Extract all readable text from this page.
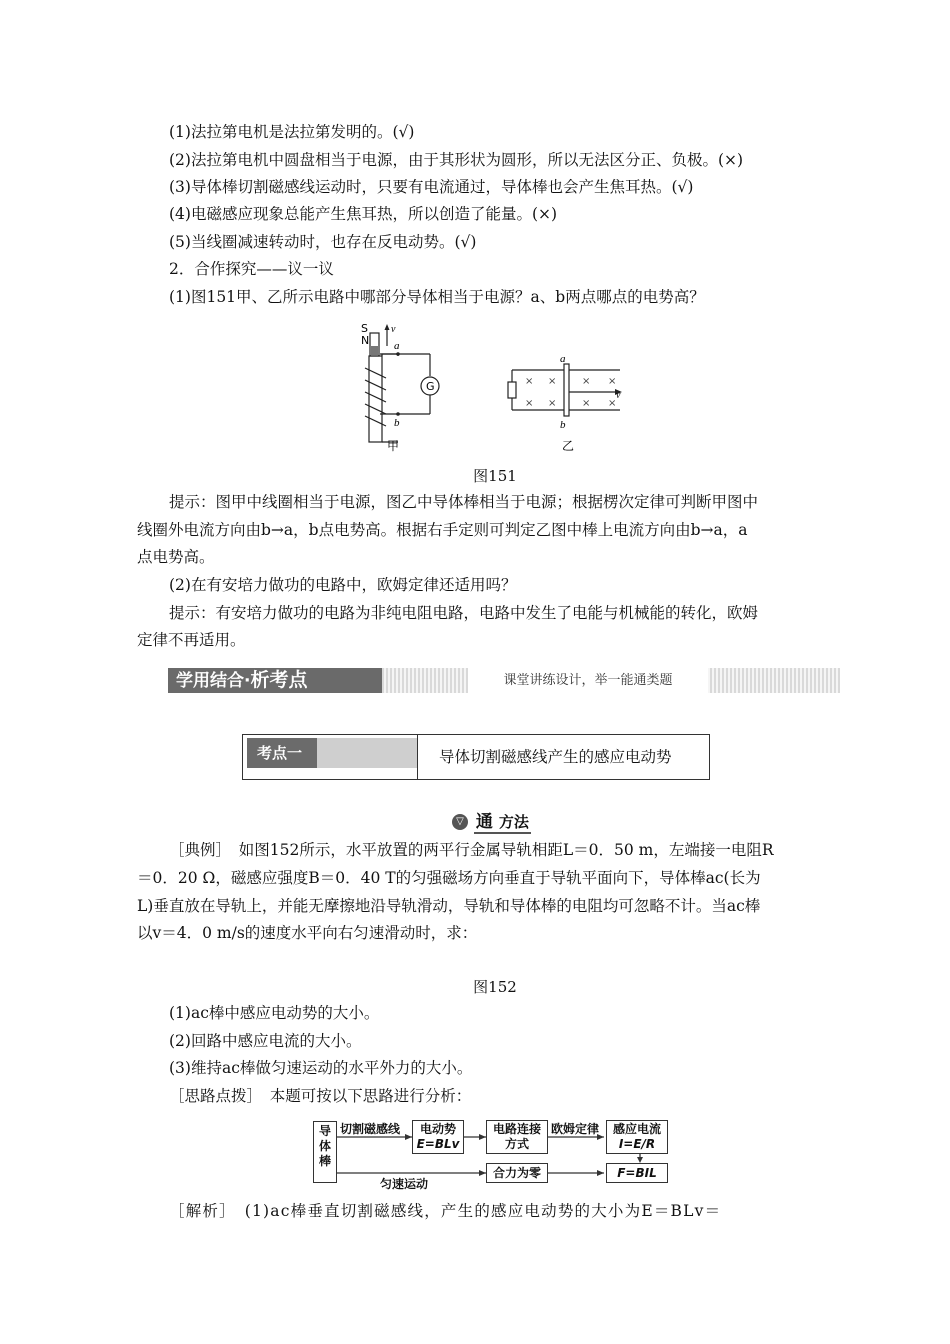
(1)法拉第电机是法拉第发明的。(√)
(2)法拉第电机中圆盘相当于电源，由于其形状为圆形，所以无法区分正、负极。(×)
(3)导体棒切割磁感线运动时，只要有电流通过，导体棒也会产生焦耳热。(√)
(4)电磁感应现象总能产生焦耳热，所以创造了能量。(×)
(5)当线圈减速转动时，也存在反电动势。(√)
2．合作探究——议一议
(1)图151甲、乙所示电路中哪部分导体相当于电源？a、b两点哪点的电势高？
S
N
v
a
b
G
甲
× ×	× ×
× ×	× ×
a
b
v
乙
图151
提示：图甲中线圈相当于电源，图乙中导体棒相当于电源；根据楞次定律可判断甲图中
线圈外电流方向由b→a，b点电势高。根据右手定则可判定乙图中棒上电流方向由b→a，a
点电势高。
(2)在有安培力做功的电路中，欧姆定律还适用吗？
提示：有安培力做功的电路为非纯电阻电路，电路中发生了电能与机械能的转化，欧姆
定律不再适用。
学用结合·析考点	课堂讲练设计，举一能通类题
考点一	导体切割磁感线产生的感应电动势
▽ 通 方法
［典例］　如图152所示，水平放置的两平行金属导轨相距L＝0．50 m，左端接一电阻R
＝0．20 Ω，磁感应强度B＝0．40 T的匀强磁场方向垂直于导轨平面向下，导体棒ac(长为
L)垂直放在导轨上，并能无摩擦地沿导轨滑动，导轨和导体棒的电阻均可忽略不计。当ac棒
以v＝4．0 m/s的速度水平向右匀速滑动时，求：
图152
(1)ac棒中感应电动势的大小。
(2)回路中感应电流的大小。
(3)维持ac棒做匀速运动的水平外力的大小。
［思路点拨］　本题可按以下思路进行分析：
导体棒
切割磁感线	电动势
E=BLv
电路连接
方式
欧姆定律	感应电流
I=E/R
合力为零	F=BIL
匀速运动
［解析］　(1)ac棒垂直切割磁感线，产生的感应电动势的大小为E＝BLv＝
